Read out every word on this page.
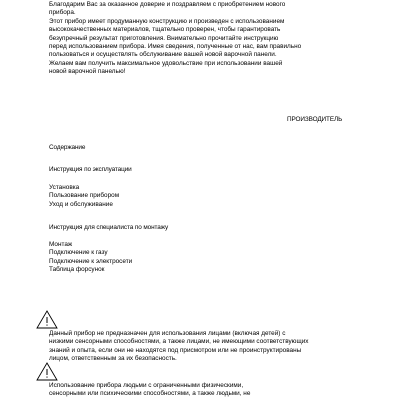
Благодарим Вас за оказанное доверие и поздравляем с приобретением нового
прибора.
Этот прибор имеет продуманную конструкцию и произведен с использованием
высококачественных материалов, тщательно проверен, чтобы гарантировать
безупречный результат приготовления. Внимательно прочитайте инструкцию
перед использованием прибора. Имея сведения, полученные от нас, вам правильно
пользоваться и осуществлять обслуживание вашей новой варочной панели.
Желаем вам получить максимальное удовольствие при использовании вашей
новой варочной панелью!
ПРОИЗВОДИТЕЛЬ
Содержание
Инструкция по эксплуатации
Установка
Пользование прибором
Уход и обслуживание
Инструкция для специалиста по монтажу
Монтаж
Подключение к газу
Подключение к электросети
Таблица форсунок
Данный прибор не предназначен для использования лицами (включая детей) с
низкими сенсорными способностями, а также лицами, не имеющими соответствующих
знаний и опыта, если они не находятся под присмотром или не проинструктированы
лицом, ответственным за их безопасность.
Использование прибора людьми с ограниченными физическими,
сенсорными или психическими способностями, а также людьми, не
